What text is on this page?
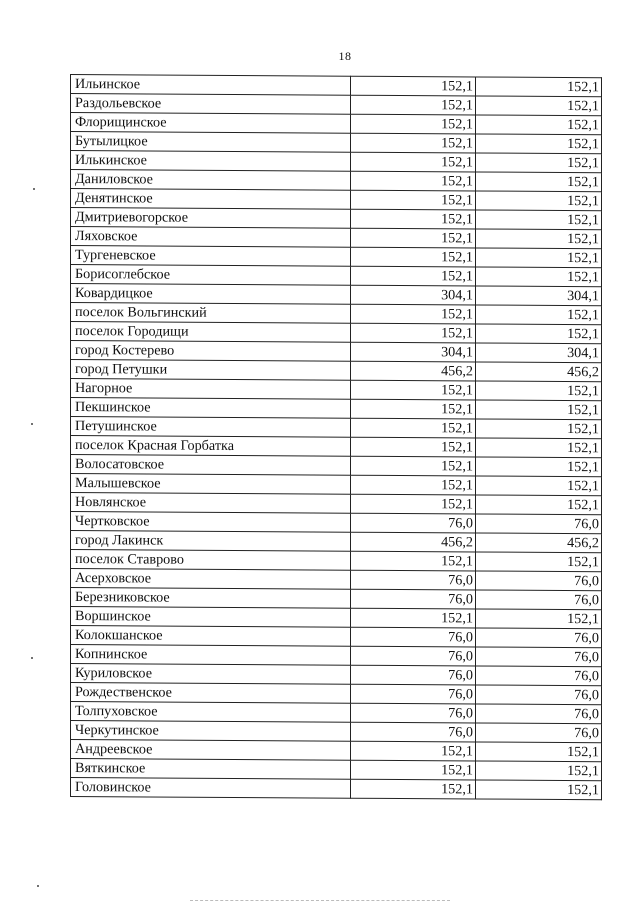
18
Ильинское	152,1	152,1
Раздольевское	152,1	152,1
Флорищинское	152,1	152,1
Бутылицкое	152,1	152,1
Илькинское	152,1	152,1
Даниловское	152,1	152,1
Денятинское	152,1	152,1
Дмитриевогорское	152,1	152,1
Ляховское	152,1	152,1
Тургеневское	152,1	152,1
Борисоглебское	152,1	152,1
Ковардицкое	304,1	304,1
поселок Вольгинский	152,1	152,1
поселок Городищи	152,1	152,1
город Костерево	304,1	304,1
город Петушки	456,2	456,2
Нагорное	152,1	152,1
Пекшинское	152,1	152,1
Петушинское	152,1	152,1
поселок Красная Горбатка	152,1	152,1
Волосатовское	152,1	152,1
Малышевское	152,1	152,1
Новлянское	152,1	152,1
Чертковское	76,0	76,0
город Лакинск	456,2	456,2
поселок Ставрово	152,1	152,1
Асерховское	76,0	76,0
Березниковское	76,0	76,0
Воршинское	152,1	152,1
Колокшанское	76,0	76,0
Копнинское	76,0	76,0
Куриловское	76,0	76,0
Рождественское	76,0	76,0
Толпуховское	76,0	76,0
Черкутинское	76,0	76,0
Андреевское	152,1	152,1
Вяткинское	152,1	152,1
Головинское	152,1	152,1
